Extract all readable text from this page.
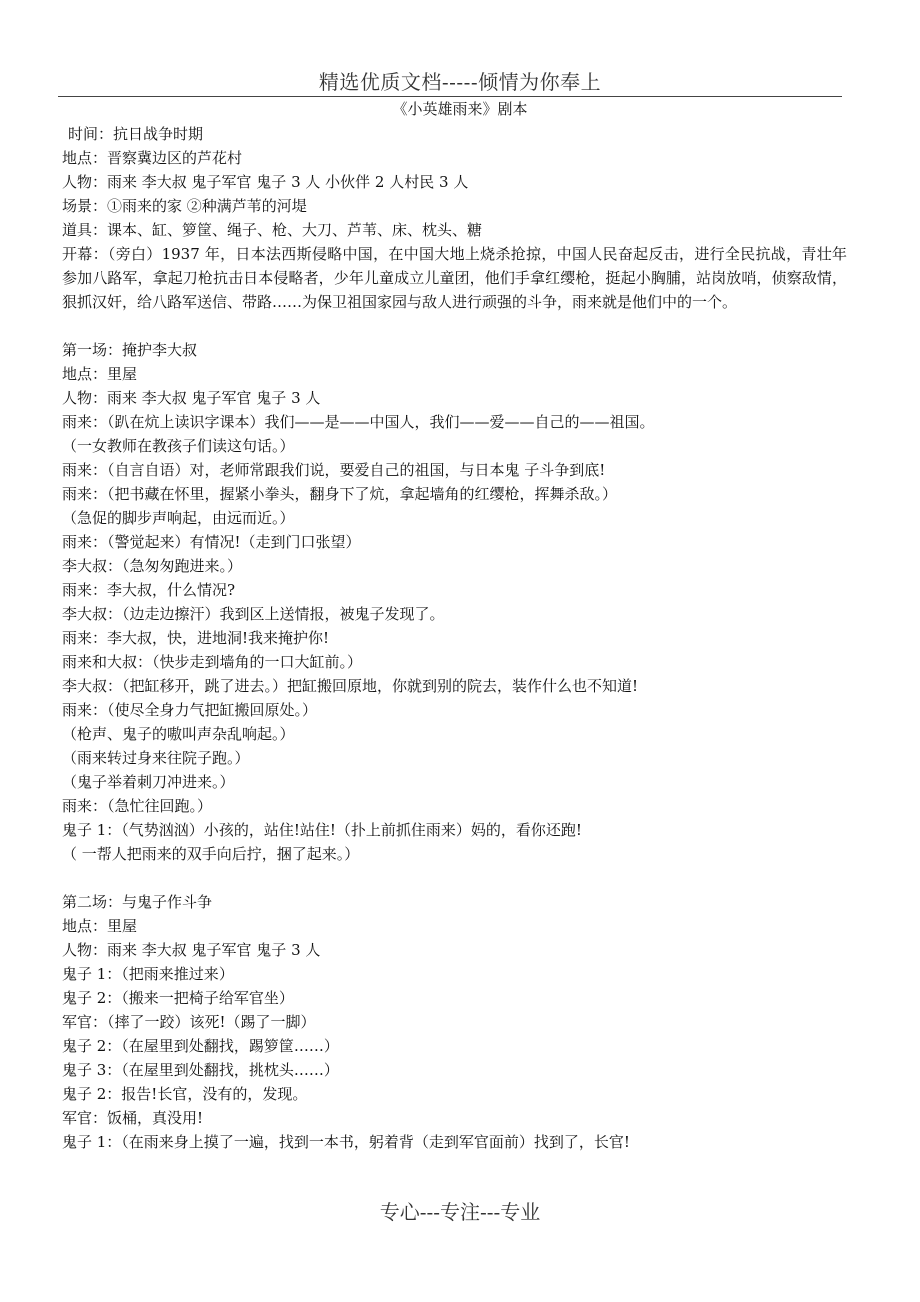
精选优质文档-----倾情为你奉上
《小英雄雨来》剧本
时间：抗日战争时期
地点：晋察冀边区的芦花村
人物：雨来 李大叔 鬼子军官 鬼子 3 人 小伙伴 2 人村民 3 人
场景：①雨来的家 ②种满芦苇的河堤
道具：课本、缸、箩筐、绳子、枪、大刀、芦苇、床、枕头、糖
开幕：（旁白）1937 年，日本法西斯侵略中国，在中国大地上烧杀抢掠，中国人民奋起反击，进行全民抗战，青壮年参加八路军，拿起刀枪抗击日本侵略者，少年儿童成立儿童团，他们手拿红缨枪，挺起小胸脯，站岗放哨，侦察敌情，狠抓汉奸，给八路军送信、带路……为保卫祖国家园与敌人进行顽强的斗争，雨来就是他们中的一个。
第一场：掩护李大叔
地点：里屋
人物：雨来 李大叔 鬼子军官 鬼子 3 人
雨来：（趴在炕上读识字课本）我们——是——中国人，我们——爱——自己的——祖国。
（一女教师在教孩子们读这句话。）
雨来：（自言自语）对，老师常跟我们说，要爱自己的祖国，与日本鬼 子斗争到底!
雨来：（把书藏在怀里，握紧小拳头，翻身下了炕，拿起墙角的红缨枪，挥舞杀敌。）
（急促的脚步声响起，由远而近。）
雨来：（警觉起来）有情况!（走到门口张望）
李大叔：（急匆匆跑进来。）
雨来：李大叔，什么情况?
李大叔：（边走边擦汗）我到区上送情报，被鬼子发现了。
雨来：李大叔，快，进地洞!我来掩护你!
雨来和大叔：（快步走到墙角的一口大缸前。）
李大叔：（把缸移开，跳了进去。）把缸搬回原地，你就到别的院去，装作什么也不知道!
雨来：（使尽全身力气把缸搬回原处。）
（枪声、鬼子的嗷叫声杂乱响起。）
（雨来转过身来往院子跑。）
（鬼子举着刺刀冲进来。）
雨来：（急忙往回跑。）
鬼子 1：（气势汹汹）小孩的，站住!站住!（扑上前抓住雨来）妈的，看你还跑!
（ 一帮人把雨来的双手向后拧，捆了起来。）
第二场：与鬼子作斗争
地点：里屋
人物：雨来 李大叔 鬼子军官 鬼子 3 人
鬼子 1：（把雨来推过来）
鬼子 2：（搬来一把椅子给军官坐）
军官：（摔了一跤）该死!（踢了一脚）
鬼子 2：（在屋里到处翻找，踢箩筐……）
鬼子 3：（在屋里到处翻找，挑枕头……）
鬼子 2：报告!长官，没有的，发现。
军官：饭桶，真没用!
鬼子 1：（在雨来身上摸了一遍，找到一本书，躬着背（走到军官面前）找到了，长官!
专心---专注---专业
